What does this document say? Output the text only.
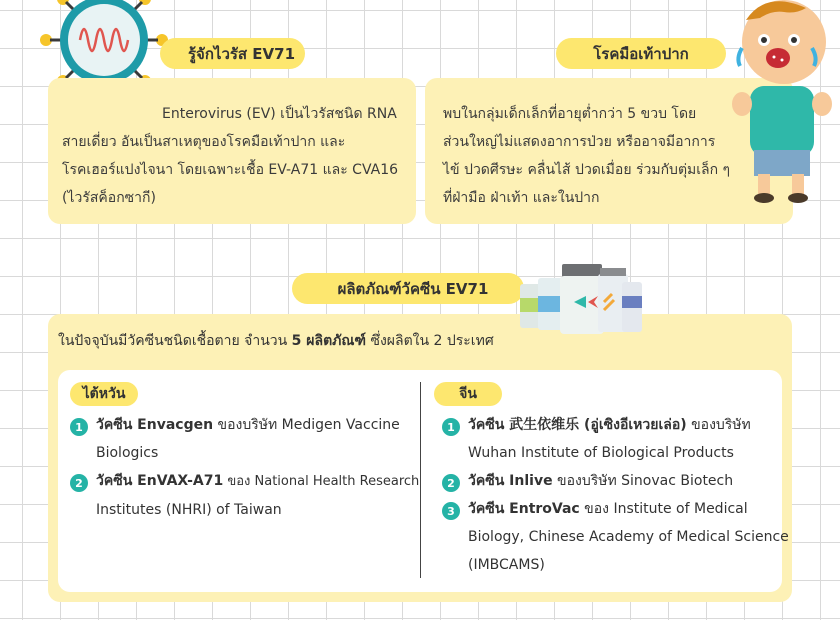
รู้จักไวรัส EV71	โรคมือเท้าปาก
Enterovirus (EV) เป็นไวรัสชนิด RNA
สายเดี่ยว อันเป็นสาเหตุของโรคมือเท้าปาก และ
โรคเฮอร์แปงไจนา โดยเฉพาะเชื้อ EV-A71 และ CVA16
(ไวรัสค็อกซากี)
พบในกลุ่มเด็กเล็กที่อายุต่ำกว่า 5 ขวบ โดย
ส่วนใหญ่ไม่แสดงอาการป่วย หรืออาจมีอาการ
ไข้ ปวดศีรษะ คลื่นไส้ ปวดเมื่อย ร่วมกับตุ่มเล็ก ๆ
ที่ฝ่ามือ ฝ่าเท้า และในปาก
ผลิตภัณฑ์วัคซีน EV71
ในปัจจุบันมีวัคซีนชนิดเชื้อตาย จำนวน 5 ผลิตภัณฑ์ ซึ่งผลิตใน 2 ประเทศ
ไต้หวัน
1 วัคซีน Envacgen ของบริษัท Medigen Vaccine
Biologics
2 วัคซีน EnVAX-A71 ของ National Health Research
Institutes (NHRI) of Taiwan
จีน
1 วัคซีน 武生依维乐 (อู่เซิงอีเหวยเล่อ) ของบริษัท
Wuhan Institute of Biological Products
2 วัคซีน Inlive ของบริษัท Sinovac Biotech
3 วัคซีน EntroVac ของ Institute of Medical
Biology, Chinese Academy of Medical Science
(IMBCAMS)
